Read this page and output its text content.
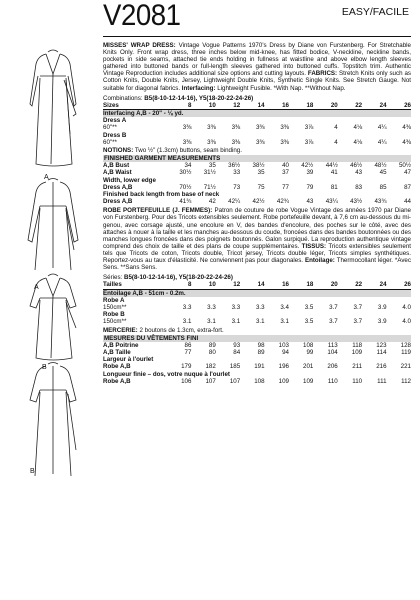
V2081	EASY/FACILE
A
A
B
B

MISSES' WRAP DRESS: Vintage Vogue Patterns 1970's Dress by Diane von Furstenberg. For Stretchable Knits Only. Front wrap dress, three inches below mid-knee, has fitted bodice, V-neckline, neckline bands, pockets in side seams, attached tie ends holding in fullness at waistline and above elbow length sleeves gathered into buttoned bands or full-length sleeves gathered into buttoned cuffs. Topstitch trim. Authentic Vintage Reproduction includes additional size options and cutting layouts. FABRICS: Stretch Knits only such as Cotton Knits, Double Knits, Jersey, Lightweight Double Knits, Synthetic Single Knits. See Stretch Gauge. Not suitable for diagonal fabrics. Interfacing: Lightweight Fusible. *With Nap. **Without Nap.

Combinations: B5(8-10-12-14-16), Y5(18-20-22-24-26)
Sizes	8	10	12	14	16	18	20	22	24	26
Interfacing A,B - 20" - ⅛ yd.										
Dress A										
60"**	3⅜	3⅜	3⅜	3⅜	3⅜	3⅞	4	4⅛	4¼	4⅜
Dress B										
60"**	3⅜	3⅜	3⅜	3⅜	3⅜	3⅞	4	4⅛	4¼	4⅜
NOTIONS: Two ½" (1.3cm) buttons, seam binding.
FINISHED GARMENT MEASUREMENTS
A,B Bust	34	35	36½	38½	40	42½	44½	46½	48½	50½
A,B Waist	30½	31½	33	35	37	39	41	43	45	47
Width, lower edge										
Dress A,B	70½	71½	73	75	77	79	81	83	85	87
Finished back length from base of neck										
Dress A,B	41¾	42	42¼	42½	42¾	43	43¼	43½	43¾	44

ROBE PORTEFEUILLE (J. FEMMES): Patron de couture de robe Vogue Vintage des années 1970 par Diane von Furstenberg. Pour des Tricots extensibles seulement. Robe portefeuille devant, à 7,6 cm au-dessous du mi-genou, avec corsage ajusté, une encolure en V, des bandes d'encolure, des poches sur le côté, avec des attaches à nouer à la taille et les manches au-dessous du coude, froncées dans des bandes boutonnées ou des manches longues froncées dans des poignets boutonnés. Galon surpiqué. La reproduction authentique vintage comprend des choix de taille et des plans de coupe supplémentaires. TISSUS: Tricots extensibles seulement tels que Tricots de coton, Tricots double, Tricot jersey, Tricots double léger, Tricots simples synthétiques. Reportez-vous au taux d'élasticité. Ne conviennent pas pour diagonales. Entoilage: Thermocollant léger. *Avec Sens. **Sans Sens.

Séries: B5(8-10-12-14-16), Y5(18-20-22-24-26)
Tailles	8	10	12	14	16	18	20	22	24	26
Entoilage A,B - 51cm - 0.2m.										
Robe A										
150cm**	3.3	3.3	3.3	3.3	3.4	3.5	3.7	3.7	3.9	4.0
Robe B										
150cm**	3.1	3.1	3.1	3.1	3.1	3.5	3.7	3.7	3.9	4.0
MERCERIE: 2 boutons de 1.3cm, extra-fort.
MESURES DU VÊTEMENTS FINI
A,B Poitrine	86	89	93	98	103	108	113	118	123	128
A,B Taille	77	80	84	89	94	99	104	109	114	119
Largeur à l'ourlet										
Robe A,B	179	182	185	191	196	201	206	211	216	221
Longueur finie – dos, votre nuque à l'ourlet										
Robe A,B	106	107	107	108	109	109	110	110	111	112
